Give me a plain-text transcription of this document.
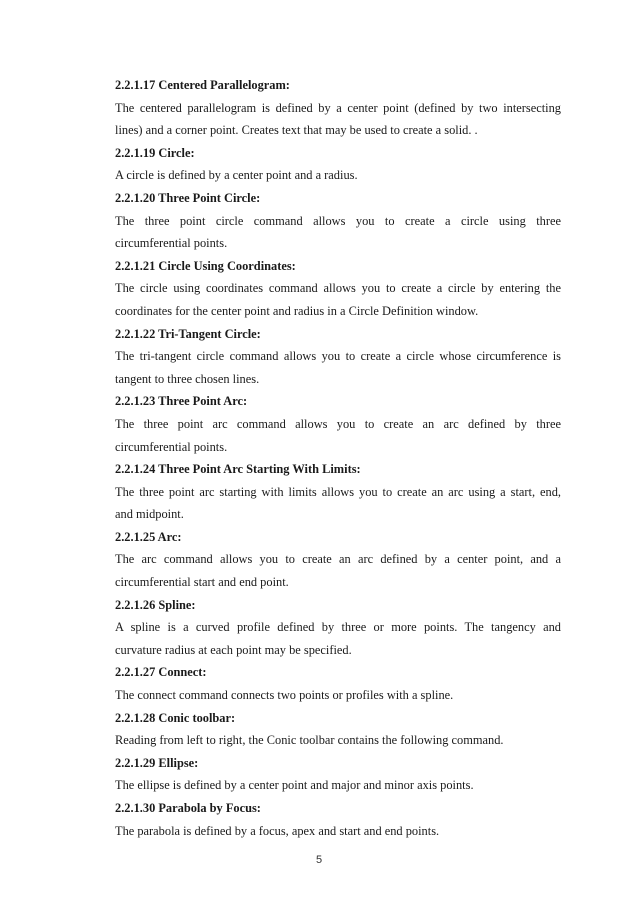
2.2.1.17 Centered Parallelogram:
The centered parallelogram is defined by a center point (defined by two intersecting
lines) and a corner point. Creates text that may be used to create a solid. .
2.2.1.19 Circle:
A circle is defined by a center point and a radius.
2.2.1.20 Three Point Circle:
The three point circle command allows you to create a circle using three
circumferential points.
2.2.1.21 Circle Using Coordinates:
The circle using coordinates command allows you to create a circle by entering the
coordinates for the center point and radius in a Circle Definition window.
2.2.1.22 Tri-Tangent Circle:
The tri-tangent circle command allows you to create a circle whose circumference is
tangent to three chosen lines.
2.2.1.23 Three Point Arc:
The three point arc command allows you to create an arc defined by three
circumferential points.
2.2.1.24 Three Point Arc Starting With Limits:
The three point arc starting with limits allows you to create an arc using a start, end,
and midpoint.
2.2.1.25 Arc:
The arc command allows you to create an arc defined by a center point, and a
circumferential start and end point.
2.2.1.26 Spline:
A spline is a curved profile defined by three or more points. The tangency and
curvature radius at each point may be specified.
2.2.1.27 Connect:
The connect command connects two points or profiles with a spline.
2.2.1.28 Conic toolbar:
Reading from left to right, the Conic toolbar contains the following command.
2.2.1.29 Ellipse:
The ellipse is defined by a center point and major and minor axis points.
2.2.1.30 Parabola by Focus:
The parabola is defined by a focus, apex and start and end points.
5
